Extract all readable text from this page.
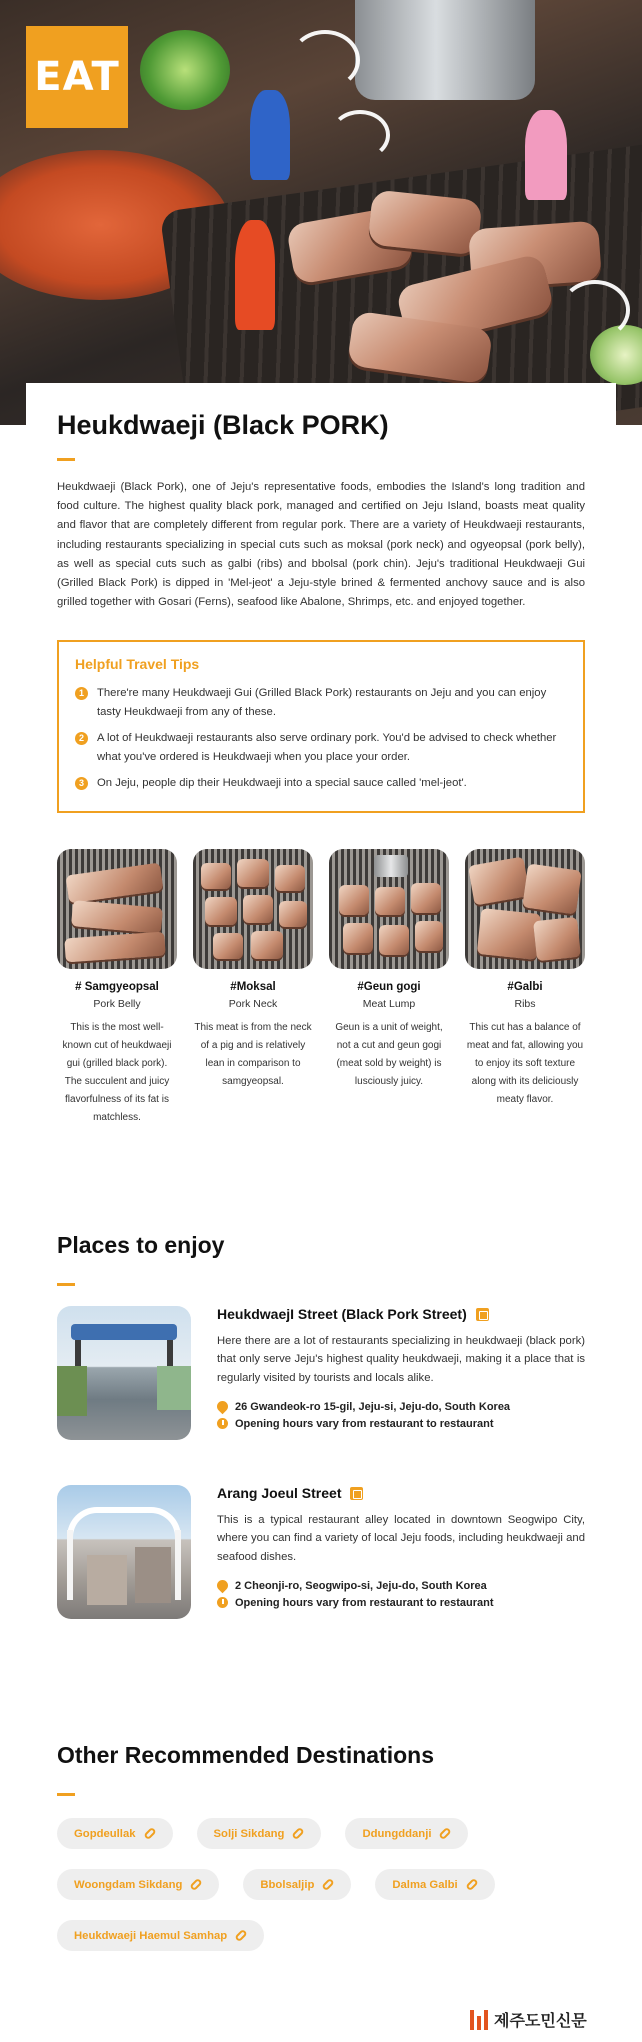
EAT
Heukdwaeji (Black PORK)

Heukdwaeji (Black Pork), one of Jeju's representative foods, embodies the Island's long tradition and food culture. The highest quality black pork, managed and certified on Jeju Island, boasts meat quality and flavor that are completely different from regular pork. There are a variety of Heukdwaeji restaurants, including restaurants specializing in special cuts such as moksal (pork neck) and ogyeopsal (pork belly), as well as special cuts such as galbi (ribs) and bbolsal (pork chin). Jeju's traditional Heukdwaeji Gui (Grilled Black Pork) is dipped in 'Mel-jeot' a Jeju-style brined & fermented anchovy sauce and is also grilled together with Gosari (Ferns), seafood like Abalone, Shrimps, etc. and enjoyed together.

Helpful Travel Tips
1	There're many Heukdwaeji Gui (Grilled Black Pork) restaurants on Jeju and you can enjoy tasty Heukdwaeji from any of these.
2	A lot of Heukdwaeji restaurants also serve ordinary pork. You'd be advised to check whether what you've ordered is Heukdwaeji when you place your order.
3	On Jeju, people dip their Heukdwaeji into a special sauce called 'mel-jeot'.
# Samgyeopsal
Pork Belly
This is the most well-known cut of heukdwaeji gui (grilled black pork). The succulent and juicy flavorfulness of its fat is matchless.
#Moksal
Pork Neck
This meat is from the neck of a pig and is relatively lean in comparison to samgyeopsal.
#Geun gogi
Meat Lump
Geun is a unit of weight, not a cut and geun gogi (meat sold by weight) is lusciously juicy.
#Galbi
Ribs
This cut has a balance of meat and fat, allowing you to enjoy its soft texture along with its deliciously meaty flavor.
Places to enjoy
HeukdwaejI Street (Black Pork Street)

Here there are a lot of restaurants specializing in heukdwaeji (black pork) that only serve Jeju's highest quality heukdwaeji, making it a place that is regularly visited by tourists and locals alike.

26 Gwandeok-ro 15-gil, Jeju-si, Jeju-do, South Korea
Opening hours vary from restaurant to restaurant
Arang Joeul Street

This is a typical restaurant alley located in downtown Seogwipo City, where you can find a variety of local Jeju foods, including heukdwaeji and seafood dishes.

2 Cheonji-ro, Seogwipo-si, Jeju-do, South Korea
Opening hours vary from restaurant to restaurant
Other Recommended Destinations
Gopdeullak	Solji Sikdang	Ddungddanji
Woongdam Sikdang	Bbolsaljip	Dalma Galbi
Heukdwaeji Haemul Samhap
제주도민신문
